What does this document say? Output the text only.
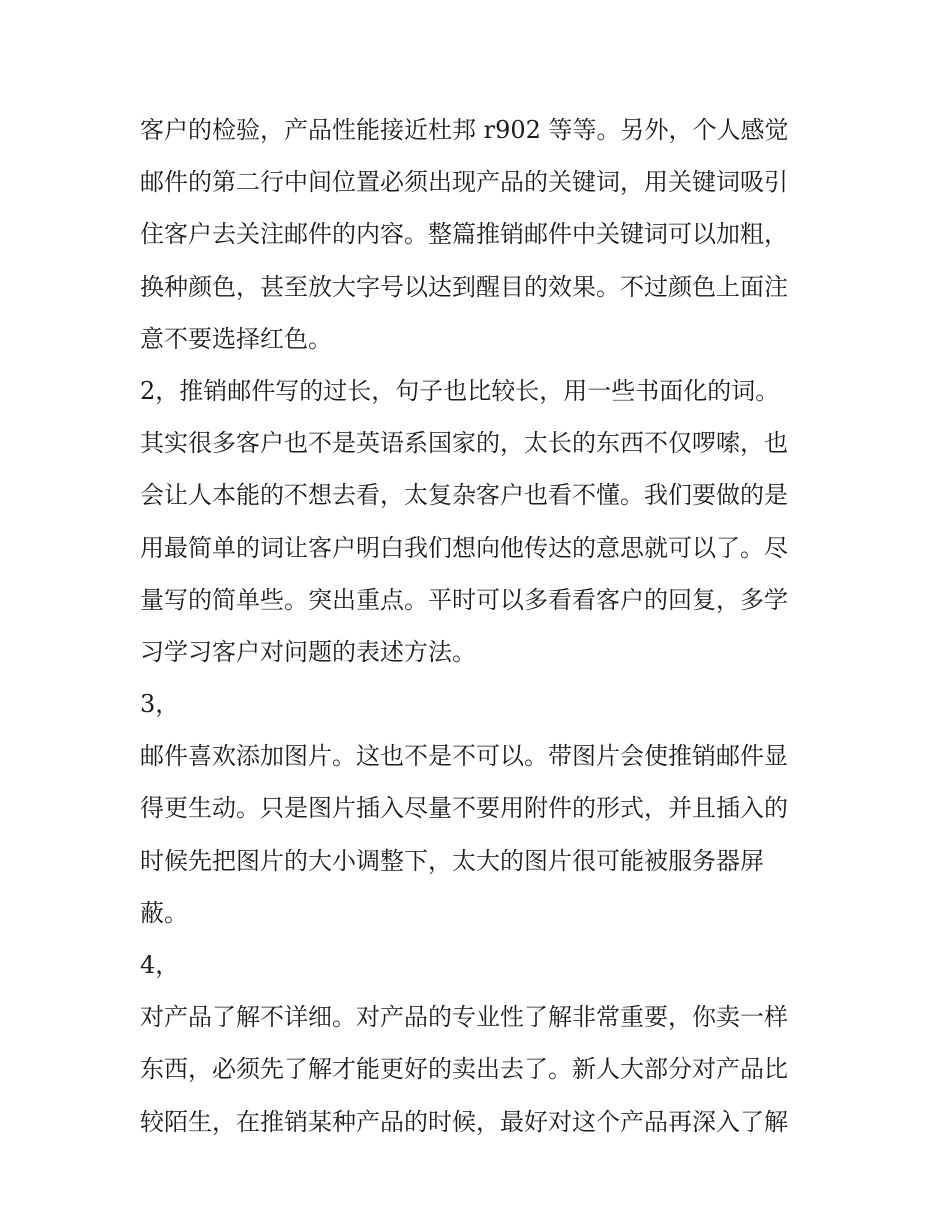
客户的检验，产品性能接近杜邦 r902 等等。另外，个人感觉
邮件的第二行中间位置必须出现产品的关键词，用关键词吸引
住客户去关注邮件的内容。整篇推销邮件中关键词可以加粗，
换种颜色，甚至放大字号以达到醒目的效果。不过颜色上面注
意不要选择红色。
2，推销邮件写的过长，句子也比较长，用一些书面化的词。
其实很多客户也不是英语系国家的，太长的东西不仅啰嗦，也
会让人本能的不想去看，太复杂客户也看不懂。我们要做的是
用最简单的词让客户明白我们想向他传达的意思就可以了。尽
量写的简单些。突出重点。平时可以多看看客户的回复，多学
习学习客户对问题的表述方法。
3，
邮件喜欢添加图片。这也不是不可以。带图片会使推销邮件显
得更生动。只是图片插入尽量不要用附件的形式，并且插入的
时候先把图片的大小调整下，太大的图片很可能被服务器屏
蔽。
4，
对产品了解不详细。对产品的专业性了解非常重要，你卖一样
东西，必须先了解才能更好的卖出去了。新人大部分对产品比
较陌生，在推销某种产品的时候，最好对这个产品再深入了解
